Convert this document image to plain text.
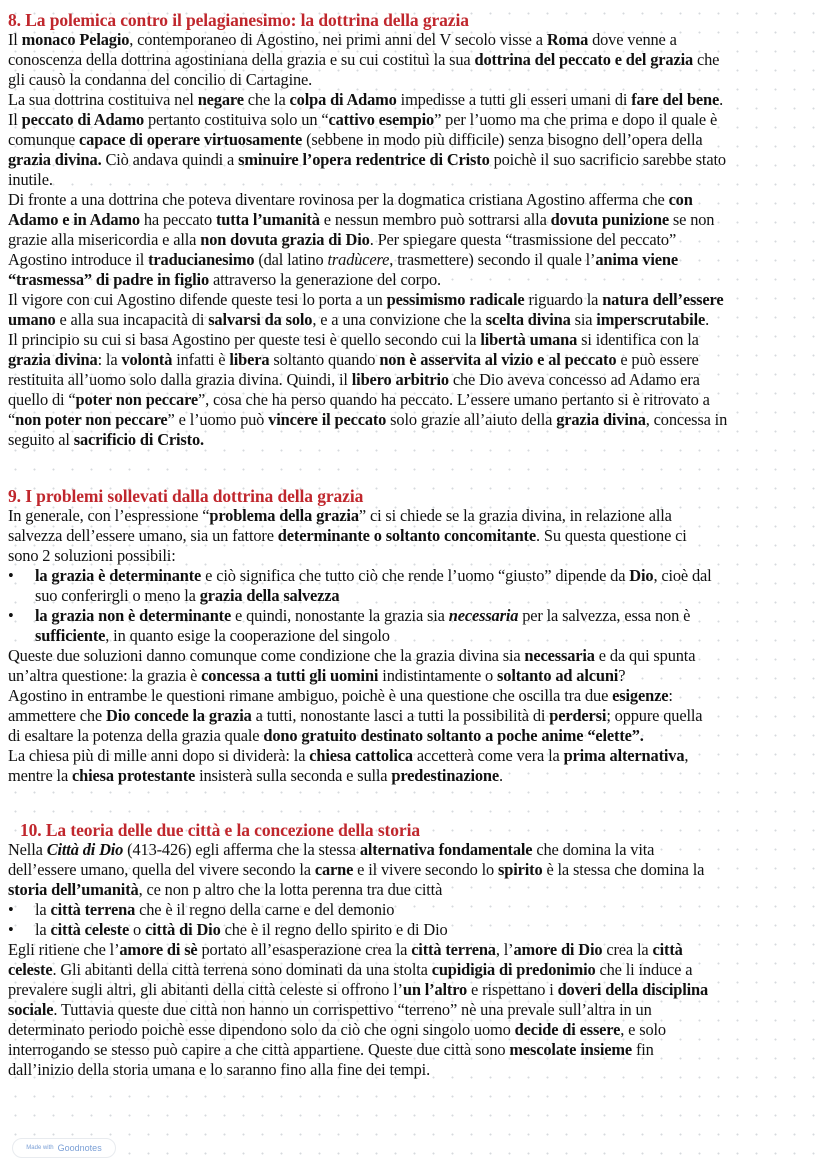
8. La polemica contro il pelagianesimo: la dottrina della grazia

Il monaco Pelagio, contemporaneo di Agostino, nei primi anni del V secolo visse a Roma dove venne a

conoscenza della dottrina agostiniana della grazia e su cui costituì la sua dottrina del peccato e del grazia che

gli causò la condanna del concilio di Cartagine.

La sua dottrina costituiva nel negare che la colpa di Adamo impedisse a tutti gli esseri umani di fare del bene.

Il peccato di Adamo pertanto costituiva solo un “cattivo esempio” per l’uomo ma che prima e dopo il quale è

comunque capace di operare virtuosamente (sebbene in modo più difficile) senza bisogno dell’opera della

grazia divina. Ciò andava quindi a sminuire l’opera redentrice di Cristo poichè il suo sacrificio sarebbe stato

inutile.

Di fronte a una dottrina che poteva diventare rovinosa per la dogmatica cristiana Agostino afferma che con

Adamo e in Adamo ha peccato tutta l’umanità e nessun membro può sottrarsi alla dovuta punizione se non

grazie alla misericordia e alla non dovuta grazia di Dio. Per spiegare questa “trasmissione del peccato”

Agostino introduce il traducianesimo (dal latino tradùcere, trasmettere) secondo il quale l’anima viene

“trasmessa” di padre in figlio attraverso la generazione del corpo.

Il vigore con cui Agostino difende queste tesi lo porta a un pessimismo radicale riguardo la natura dell’essere

umano e alla sua incapacità di salvarsi da solo, e a una convizione che la scelta divina sia imperscrutabile.

Il principio su cui si basa Agostino per queste tesi è quello secondo cui la libertà umana si identifica con la

grazia divina: la volontà infatti è libera soltanto quando non è asservita al vizio e al peccato e può essere

restituita all’uomo solo dalla grazia divina. Quindi, il libero arbitrio che Dio aveva concesso ad Adamo era

quello di “poter non peccare”, cosa che ha perso quando ha peccato. L’essere umano pertanto si è ritrovato a

“non poter non peccare” e l’uomo può vincere il peccato solo grazie all’aiuto della grazia divina, concessa in

seguito al sacrificio di Cristo.

9. I problemi sollevati dalla dottrina della grazia

In generale, con l’espressione “problema della grazia” ci si chiede se la grazia divina, in relazione alla

salvezza dell’essere umano, sia un fattore determinante o soltanto concomitante. Su questa questione ci

sono 2 soluzioni possibili:

• la grazia è determinante e ciò significa che tutto ciò che rende l’uomo “giusto” dipende da Dio, cioè dal

suo conferirgli o meno la grazia della salvezza

• la grazia non è determinante e quindi, nonostante la grazia sia necessaria per la salvezza, essa non è

sufficiente, in quanto esige la cooperazione del singolo

Queste due soluzioni danno comunque come condizione che la grazia divina sia necessaria e da qui spunta

un’altra questione: la grazia è concessa a tutti gli uomini indistintamente o soltanto ad alcuni?

Agostino in entrambe le questioni rimane ambiguo, poichè è una questione che oscilla tra due esigenze:

ammettere che Dio concede la grazia a tutti, nonostante lasci a tutti la possibilità di perdersi; oppure quella

di esaltare la potenza della grazia quale dono gratuito destinato soltanto a poche anime “elette”.

La chiesa più di mille anni dopo si dividerà: la chiesa cattolica accetterà come vera la prima alternativa,

mentre la chiesa protestante insisterà sulla seconda e sulla predestinazione.

10. La teoria delle due città e la concezione della storia

Nella Città di Dio (413-426) egli afferma che la stessa alternativa fondamentale che domina la vita

dell’essere umano, quella del vivere secondo la carne e il vivere secondo lo spirito è la stessa che domina la

storia dell’umanità, ce non p altro che la lotta perenna tra due città

• la città terrena che è il regno della carne e del demonio

• la città celeste o città di Dio che è il regno dello spirito e di Dio

Egli ritiene che l’amore di sè portato all’esasperazione crea la città terrena, l’amore di Dio crea la città

celeste. Gli abitanti della città terrena sono dominati da una stolta cupidigia di predonimio che li induce a

prevalere sugli altri, gli abitanti della città celeste si offrono l’un l’altro e rispettano i doveri della disciplina

sociale. Tuttavia queste due città non hanno un corrispettivo “terreno” nè una prevale sull’altra in un

determinato periodo poichè esse dipendono solo da ciò che ogni singolo uomo decide di essere, e solo

interrogando se stesso può capire a che città appartiene. Queste due città sono mescolate insieme fin

dall’inizio della storia umana e lo saranno fino alla fine dei tempi.

Made with Goodnotes
